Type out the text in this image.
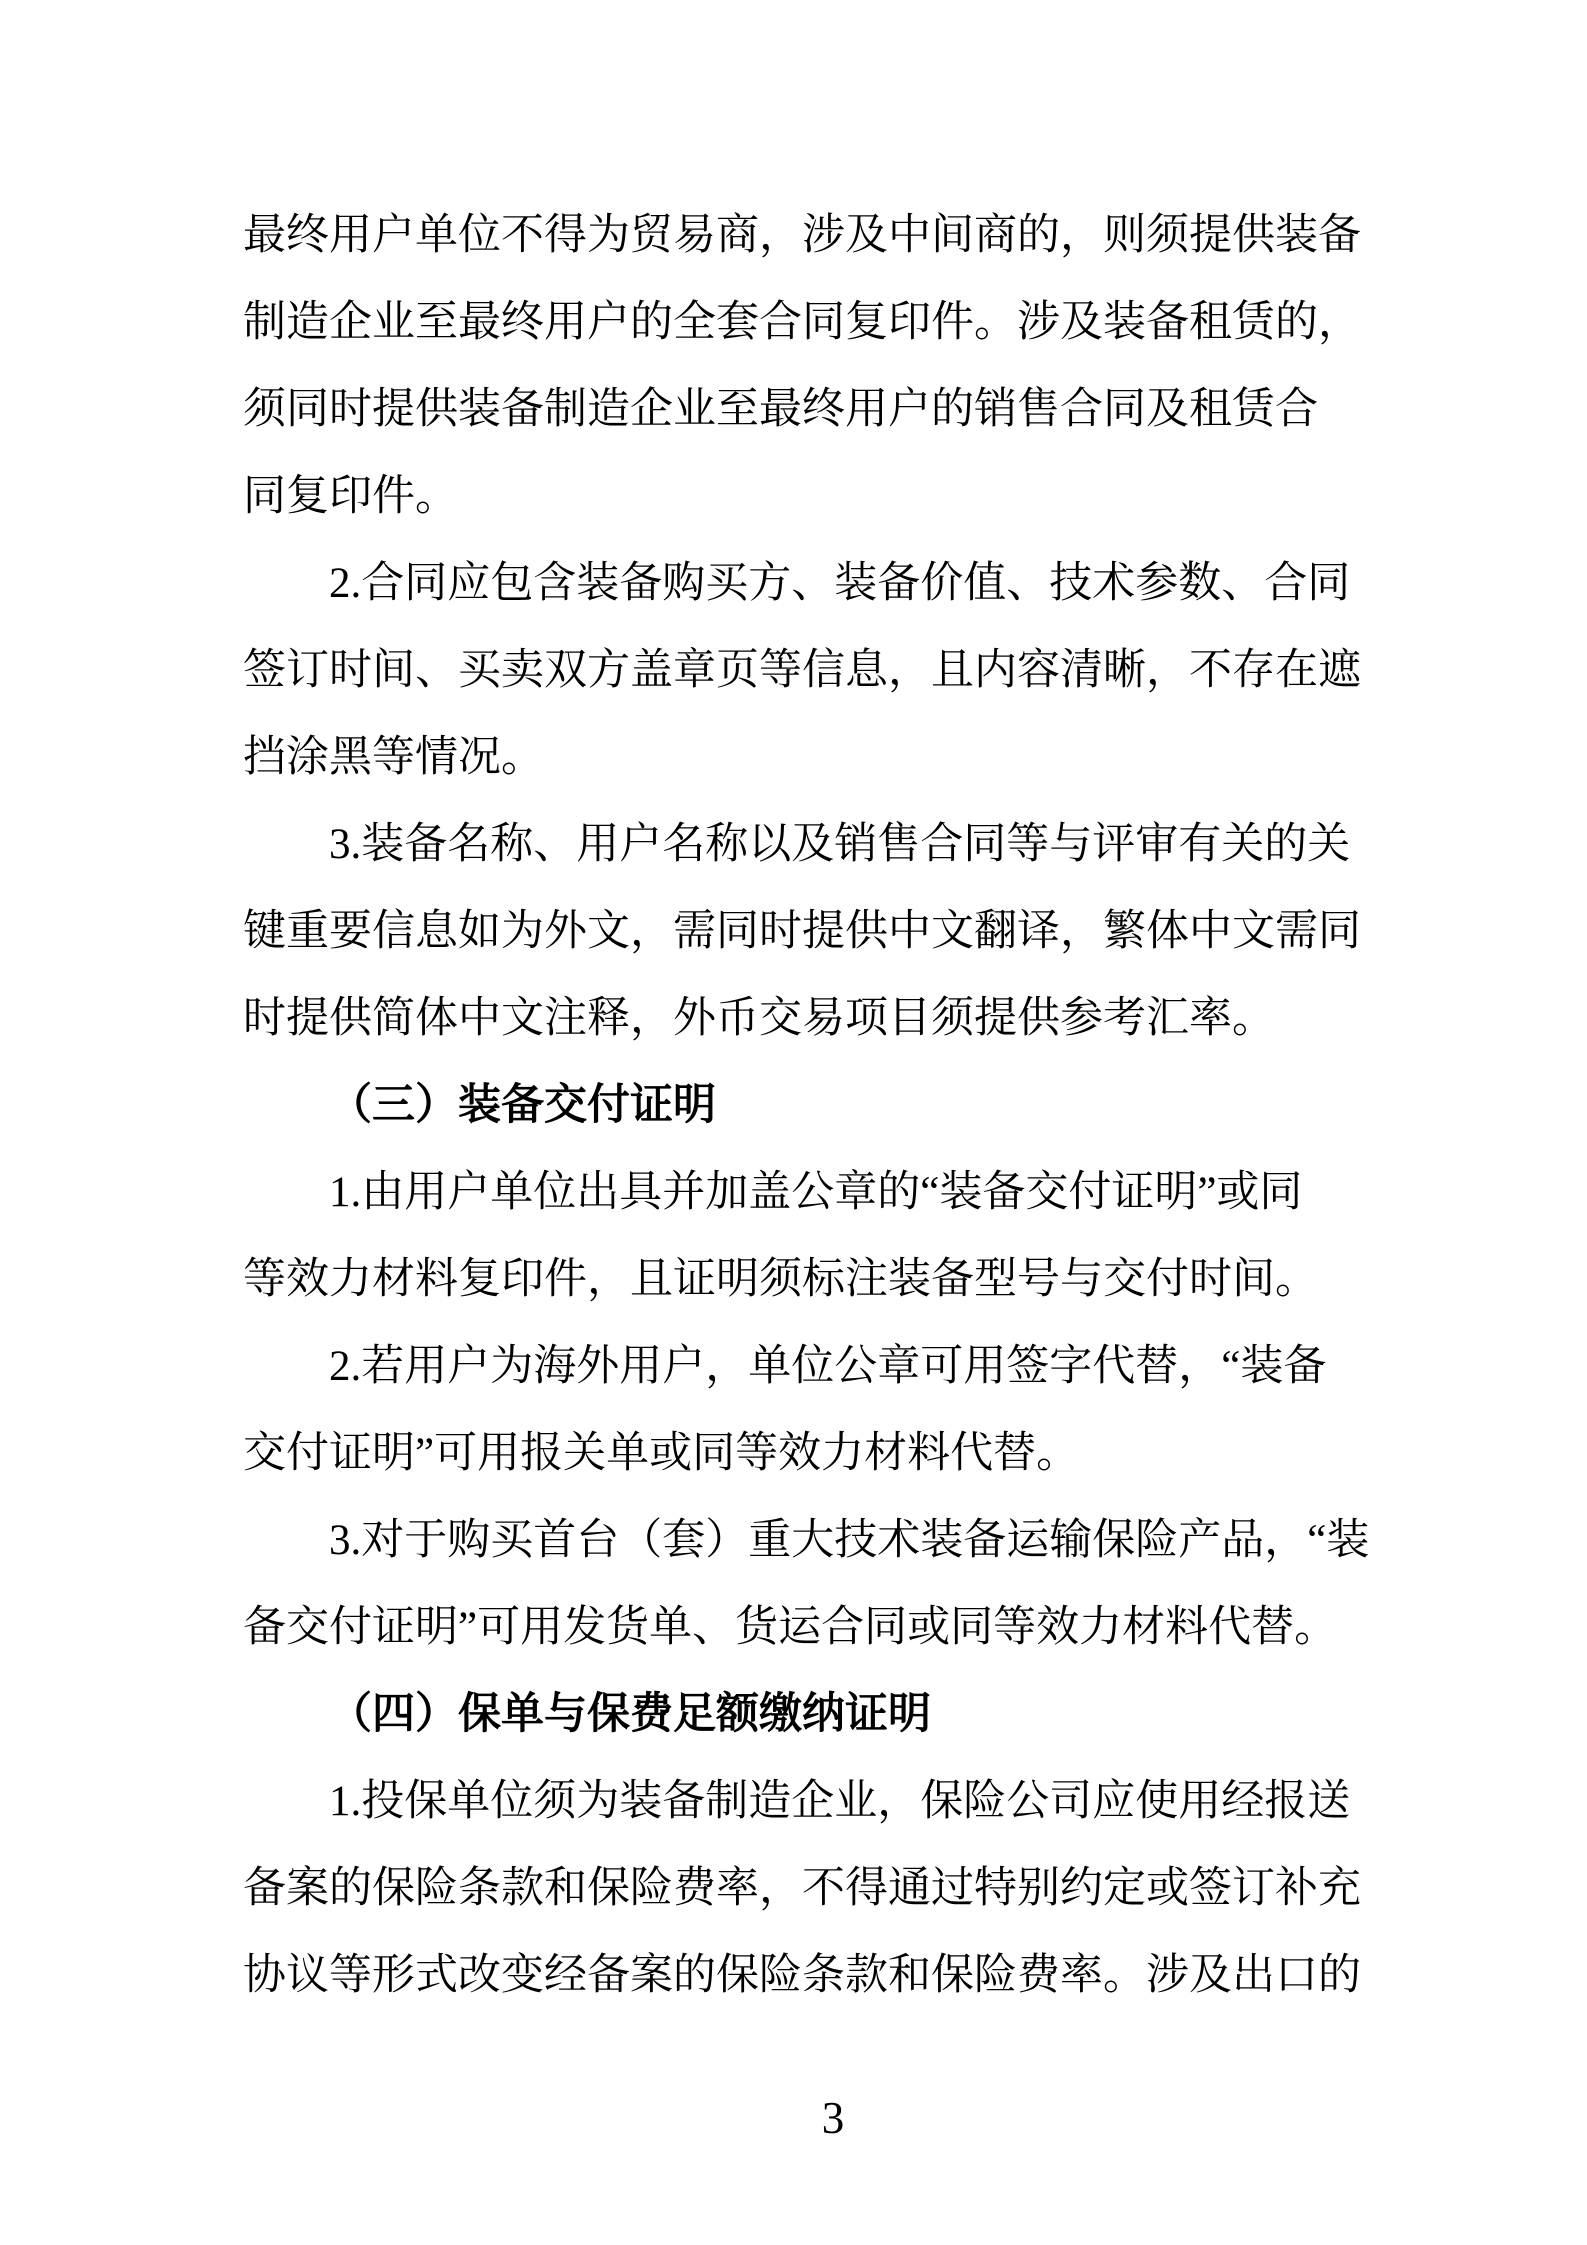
最终用户单位不得为贸易商，涉及中间商的，则须提供装备
制造企业至最终用户的全套合同复印件。涉及装备租赁的，
须同时提供装备制造企业至最终用户的销售合同及租赁合
同复印件。
2.合同应包含装备购买方、装备价值、技术参数、合同
签订时间、买卖双方盖章页等信息，且内容清晰，不存在遮
挡涂黑等情况。
3.装备名称、用户名称以及销售合同等与评审有关的关
键重要信息如为外文，需同时提供中文翻译，繁体中文需同
时提供简体中文注释，外币交易项目须提供参考汇率。
（三）装备交付证明
1.由用户单位出具并加盖公章的“装备交付证明”或同
等效力材料复印件，且证明须标注装备型号与交付时间。
2.若用户为海外用户，单位公章可用签字代替，“装备
交付证明”可用报关单或同等效力材料代替。
3.对于购买首台（套）重大技术装备运输保险产品，“装
备交付证明”可用发货单、货运合同或同等效力材料代替。
（四）保单与保费足额缴纳证明
1.投保单位须为装备制造企业，保险公司应使用经报送
备案的保险条款和保险费率，不得通过特别约定或签订补充
协议等形式改变经备案的保险条款和保险费率。涉及出口的
3
